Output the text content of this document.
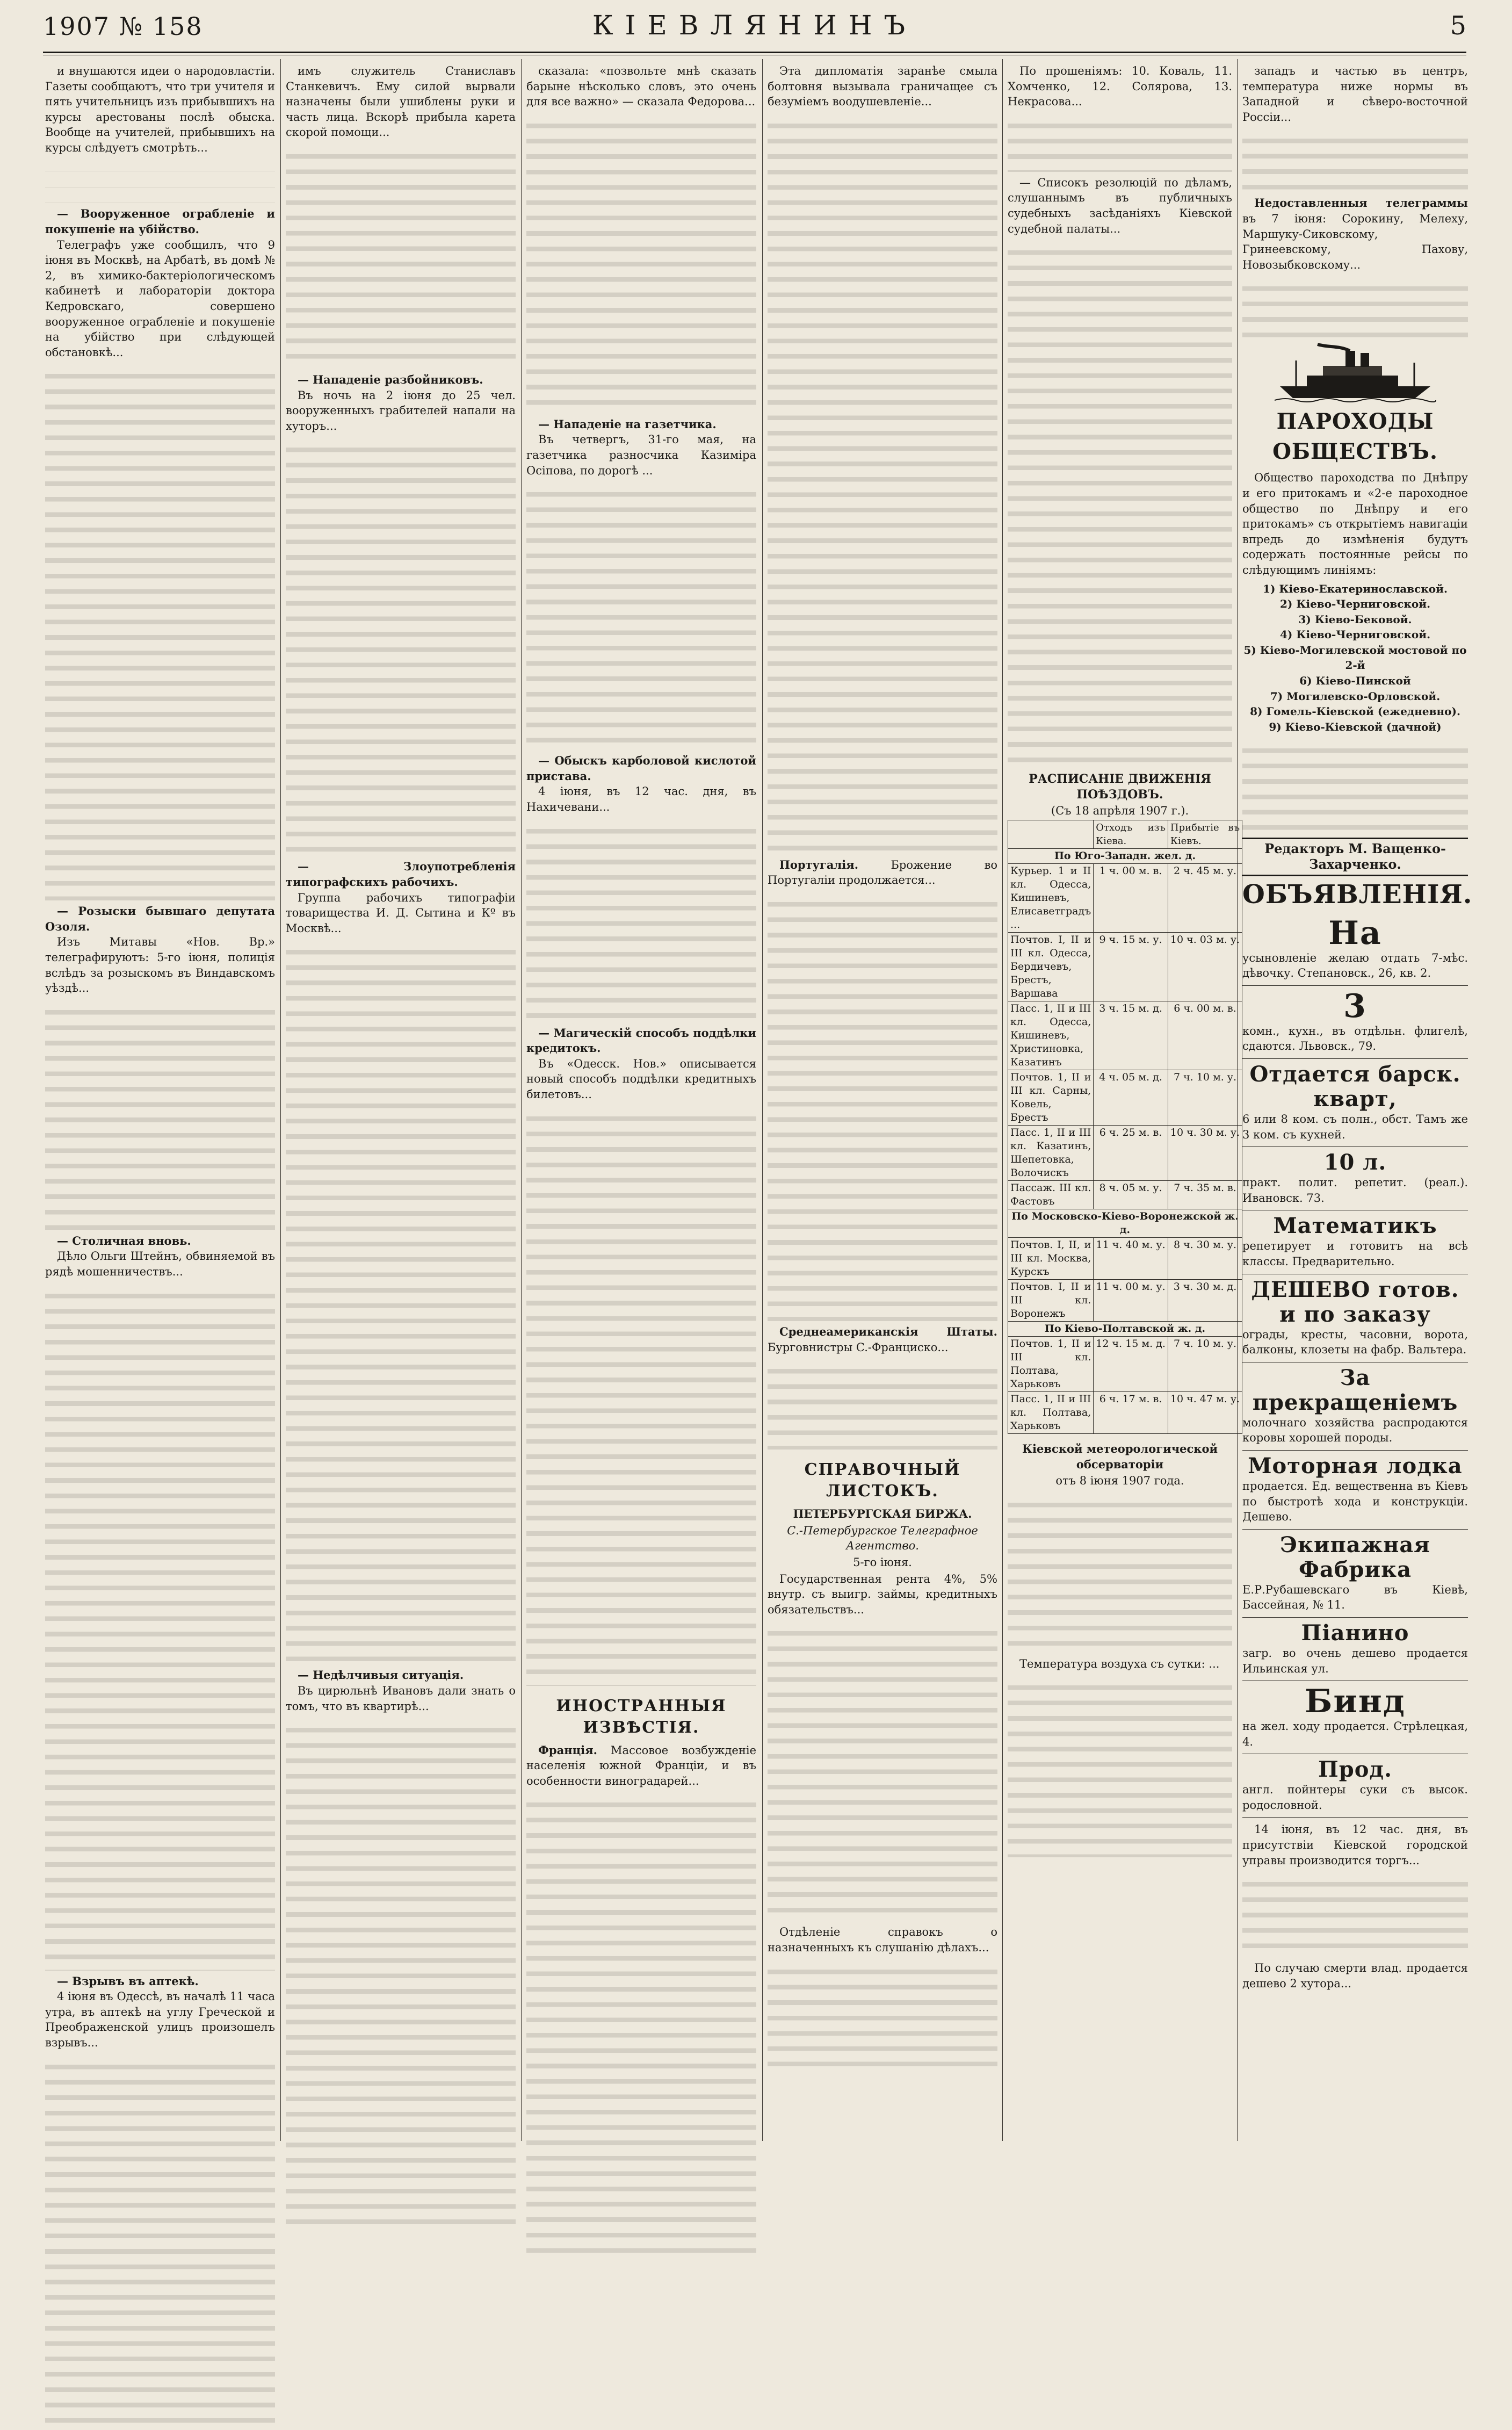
1907 № 158	КІЕВЛЯНИНЪ	5

и внушаются идеи о народовластіи. Газеты сообщаютъ, что три учителя и пять учительницъ изъ прибывшихъ на курсы арестованы послѣ обыска. Вообще на учителей, прибывшихъ на курсы слѣдуетъ смотрѣть...

— Вооруженное ограбленіе и покушеніе на убійство.

Телеграфъ уже сообщилъ, что 9 іюня въ Москвѣ, на Арбатѣ, въ домѣ № 2, въ химико-бактеріологическомъ кабинетѣ и лабораторіи доктора Кедровскаго, совершено вооруженное ограбленіе и покушеніе на убійство при слѣдующей обстановкѣ...

— Розыски бывшаго депутата Озоля.

Изъ Митавы «Нов. Вр.» телеграфируютъ: 5-го іюня, полиція вслѣдъ за розыскомъ въ Виндавскомъ уѣздѣ...

— Столичная вновь.

Дѣло Ольги Штейнъ, обвиняемой въ рядѣ мошенничествъ...

— Взрывъ въ аптекѣ.

4 іюня въ Одессѣ, въ началѣ 11 часа утра, въ аптекѣ на углу Греческой и Преображенской улицъ произошелъ взрывъ...

имъ служитель Станиславъ Станкевичъ. Ему силой вырвали назначены были ушиблены руки и часть лица. Вскорѣ прибыла карета скорой помощи...

— Нападеніе разбойниковъ.

Въ ночь на 2 іюня до 25 чел. вооруженныхъ грабителей напали на хуторъ...

— Злоупотребленія типографскихъ рабочихъ.

Группа рабочихъ типографіи товарищества И. Д. Сытина и Кº въ Москвѣ...

— Недѣлчивыя ситуація.

Въ цирюльнѣ Ивановъ дали знать о томъ, что въ квартирѣ...

сказала: «позвольте мнѣ сказать барыне нѣсколько словъ, это очень для все важно» — сказала Федорова...

— Нападеніе на газетчика.

Въ четвергъ, 31-го мая, на газетчика разносчика Казиміра Осіпова, по дорогѣ ...

— Обыскъ карболовой кислотой пристава.

4 іюня, въ 12 час. дня, въ Нахичевани...

— Магическій способъ поддѣлки кредитокъ.

Въ «Одесск. Нов.» описывается новый способъ поддѣлки кредитныхъ билетовъ...

ИНОСТРАННЫЯ ИЗВѢСТІЯ.

Франція. Массовое возбужденіе населенія южной Франціи, и въ особенности виноградарей...

Эта дипломатія заранѣе смыла болтовня вызывала граничащее съ безуміемъ воодушевленіе...

Португалія.	Брожение во Португаліи продолжается...

Среднеамериканскія Штаты. Бурговнистры C.-Франциско...

СПРАВОЧНЫЙ ЛИСТОКЪ.
ПЕТЕРБУРГСКАЯ БИРЖА.
С.-Петербургское Телеграфное Агентство.
5-го іюня.

Государственная рента 4%, 5% внутр. съ выигр. займы, кредитныхъ обязательствъ...

Отдѣленіе справокъ о назначенныхъ къ слушанію дѣлахъ...

По прошеніямъ: 10. Коваль, 11. Хомченко, 12. Солярова, 13. Некрасова...

— Списокъ резолюцій по дѣламъ, слушаннымъ въ публичныхъ судебныхъ засѣданіяхъ Кіевской судебной палаты...

РАСПИСАНІЕ ДВИЖЕНІЯ ПОѢЗДОВЪ.
(Съ 18 апрѣля 1907 г.).
	Отходъ изъ Кіева.	Прибытіе въ Кіевъ.
По Юго-Западн. жел. д.		
Курьер. 1 и II кл. Одесса, Кишиневъ, Елисаветградъ ...	1 ч. 00 м. в.	2 ч. 45 м. у.
Почтов. I, II и III кл. Одесса, Бердичевъ, Брестъ, Варшава	9 ч. 15 м. у.	10 ч. 03 м. у.
Пасс. 1, II и III кл. Одесса, Кишиневъ, Христиновка, Казатинъ	3 ч. 15 м. д.	6 ч. 00 м. в.
Почтов. 1, II и III кл. Сарны, Ковель, Брестъ	4 ч. 05 м. д.	7 ч. 10 м. у.
Пасс. 1, II и III кл. Казатинъ, Шепетовка, Волочискъ	6 ч. 25 м. в.	10 ч. 30 м. у.
Пассаж. III кл. Фастовъ	8 ч. 05 м. у.	7 ч. 35 м. в.
По Московско-Кіево-Воронежской ж. д.		
Почтов. I, II, и III кл. Москва, Курскъ	11 ч. 40 м. у.	8 ч. 30 м. у.
Почтов. I, II и III кл. Воронежъ	11 ч. 00 м. у.	3 ч. 30 м. д.
По Кіево-Полтавской ж. д.		
Почтов. 1, II и III кл. Полтава, Харьковъ	12 ч. 15 м. д.	7 ч. 10 м. у.
Пасс. 1, II и III кл. Полтава, Харьковъ	6 ч. 17 м. в.	10 ч. 47 м. у.
Кіевской метеорологической обсерваторіи
отъ 8 іюня 1907 года.

Температура воздуха съ сутки: ...

западъ и частью въ центръ, температура ниже нормы въ Западной и сѣверо-восточной Россіи...

Недоставленныя телеграммы въ 7 іюня: Сорокину, Мелеху, Маршуку-Сиковскому, Гринеевскому, Пахову, Новозыбковскому...

ПАРОХОДЫ ОБЩЕСТВЪ.

Общество пароходства по Днѣпру и его притокамъ и «2-е пароходное общество по Днѣпру и его притокамъ» съ открытіемъ навигаціи впредь до измѣненія будутъ содержать постоянные рейсы по слѣдующимъ линіямъ:

1) Кіево-Екатеринославской.
2) Кіево-Черниговской.
3) Кіево-Бековой.
4) Кіево-Черниговской.
5) Кіево-Могилевской мостовой по 2-й
6) Кіево-Пинской
7) Могилевско-Орловской.
8) Гомель-Кіевской (ежедневно).
9) Кіево-Кіевской (дачной)
Редакторъ М. Ващенко-Захарченко.
ОБЪЯВЛЕНІЯ.
На

усыновленіе желаю отдать 7-мѣс. дѣвочку. Степановск., 26, кв. 2.

3

комн., кухн., въ отдѣльн. флигелѣ, сдаются. Львовск., 79.

Отдается барск. кварт,

6 или 8 ком. съ полн., обст. Тамъ же 3 ком. съ кухней.

10 л.

практ. полит. репетит. (реал.). Ивановск. 73.

Математикъ

репетирует и готовитъ на всѣ классы. Предварительно.

ДЕШЕВО готов. и по заказу

ограды, кресты, часовни, ворота, балконы, клозеты на фабр. Вальтера.

За прекращеніемъ

молочнаго хозяйства распродаются коровы хорошей породы.

Моторная лодка

продается. Ед. вещественна въ Кіевъ по быстротѣ хода и конструкціи. Дешево.

Экипажная Фабрика

Е.Р.Рубашевскаго въ Кіевѣ, Бассейная, № 11.

Пiанино

загр. во очень дешево продается Ильинская ул.

Бинд

на жел. ходу продается. Стрѣлецкая, 4.

Прод.

англ. пойнтеры суки съ высок. родословной.

14 іюня, въ 12 час. дня, въ присутствіи Кіевской городской управы производится торгъ...

По случаю смерти влад. продается дешево 2 хутора...
